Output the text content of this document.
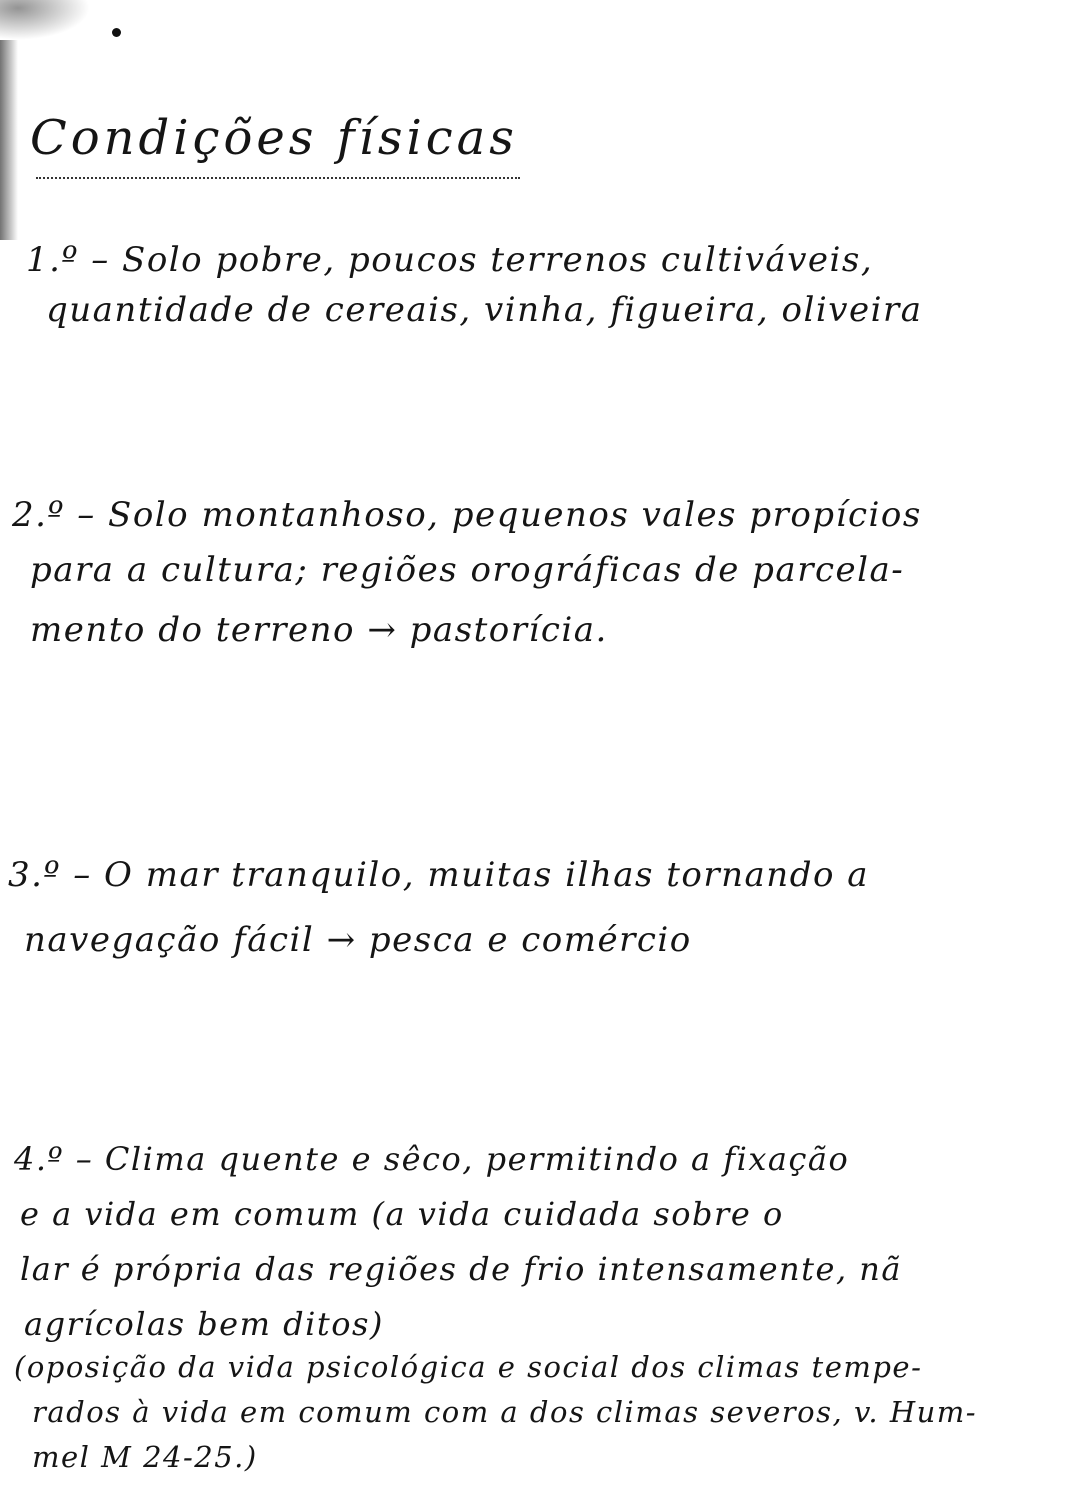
Condições físicas
1.º – Solo pobre, poucos terrenos cultiváveis,
quantidade de cereais, vinha, figueira, oliveira
2.º – Solo montanhoso, pequenos vales propícios
para a cultura; regiões orográficas de parcela-
mento do terreno → pastorícia.
3.º – O mar tranquilo, muitas ilhas tornando a
navegação fácil → pesca e comércio
4.º – Clima quente e sêco, permitindo a fixação
e a vida em comum (a vida cuidada sobre o
lar é própria das regiões de frio intensamente, nã
agrícolas bem ditos)
(oposição da vida psicológica e social dos climas tempe-
rados à vida em comum com a dos climas severos, v. Hum-
mel M 24-25.)
